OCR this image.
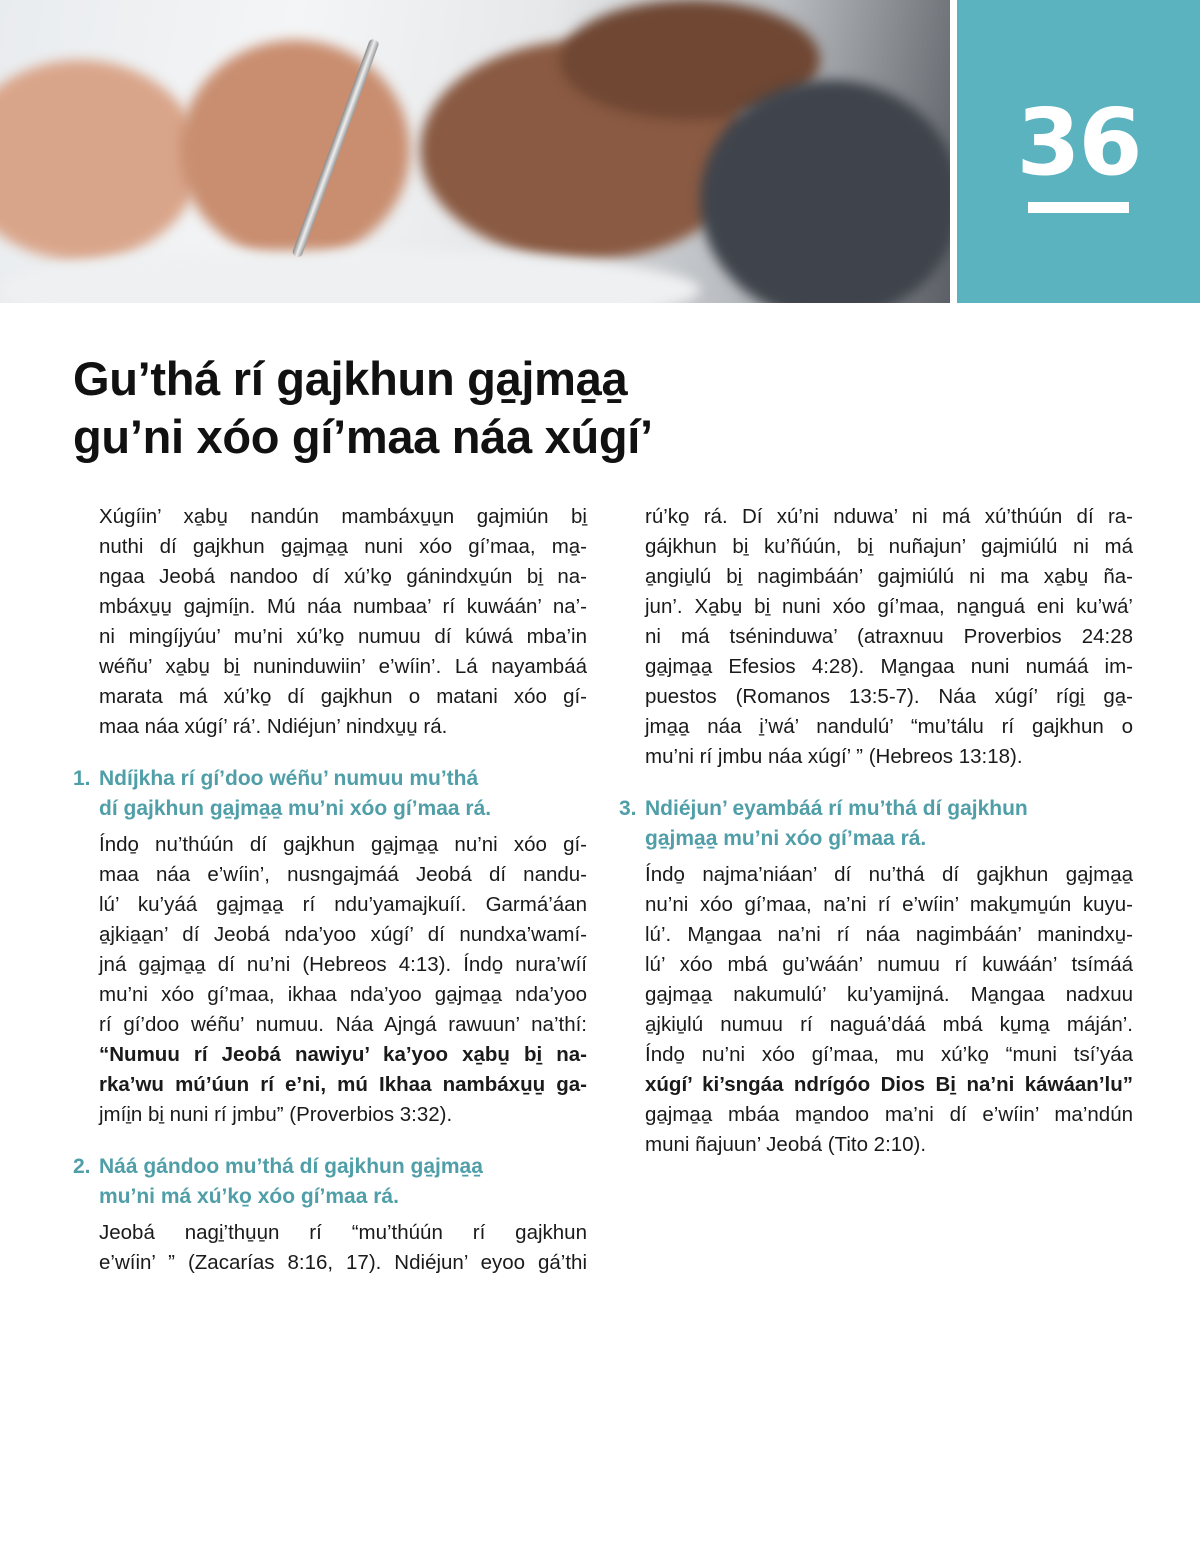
36
Gu’thá rí gajkhun ga̱jma̱a̱
gu’ni xóo gí’maa náa xúgí’
Xúgíin’ xa̱bu̱ nandún mambáxu̱u̱n gajmiún bi̱
nuthi dí gajkhun ga̱jma̱a̱ nuni xóo gí’maa, ma̱-
ngaa Jeobá nandoo dí xú’ko̱ gánindxu̱ún bi̱ na-
mbáxu̱u̱ gajmíi̱n. Mú náa numbaa’ rí kuwáán’ na’-
ni mingíjyúu’ mu’ni xú’ko̱ numuu dí kúwá mba’in
wéñu’ xa̱bu̱ bi̱ nuninduwiin’ e’wíin’. Lá nayambáá
marata má xú’ko̱ dí gajkhun o matani xóo gí-
maa náa xúgí’ rá’. Ndiéjun’ nindxu̱u̱ rá.
1. Ndíjkha rí gí’doo wéñu’ numuu mu’thá
dí gajkhun ga̱jma̱a̱ mu’ni xóo gí’maa rá.
Índo̱ nu’thúún dí gajkhun ga̱jma̱a̱ nu’ni xóo gí-
maa náa e’wíin’, nusngajmáá Jeobá dí nandu-
lú’ ku’yáá ga̱jma̱a̱ rí ndu’yamajkuíí. Garmá’áan
a̱jkia̱a̱n’ dí Jeobá nda’yoo xúgí’ dí nundxa’wamí-
jná ga̱jma̱a̱ dí nu’ni (Hebreos 4:13). Índo̱ nura’wíí
mu’ni xóo gí’maa, ikhaa nda’yoo ga̱jma̱a̱ nda’yoo
rí gí’doo wéñu’ numuu. Náa Ajngá rawuun’ na’thí:
“Numuu rí Jeobá nawiyu’ ka’yoo xa̱bu̱ bi̱ na-
rka’wu mú’úun rí e’ni, mú Ikhaa nambáxu̱u̱ ga-
jmíi̱n bi̱ nuni rí jmbu” (Proverbios 3:32).
2. Náá gándoo mu’thá dí gajkhun ga̱jma̱a̱
mu’ni má xú’ko̱ xóo gí’maa rá.
Jeobá nagi̱’thu̱u̱n rí “mu’thúún rí gajkhun
e’wíin’ ” (Zacarías 8:16, 17). Ndiéjun’ eyoo gá’thi
rú’ko̱ rá. Dí xú’ni nduwa’ ni má xú’thúún dí ra-
gájkhun bi̱ ku’ñúún, bi̱ nuñajun’ gajmiúlú ni má
a̱ngiu̱lú bi̱ nagimbáán’ gajmiúlú ni ma xa̱bu̱ ña-
jun’. Xa̱bu̱ bi̱ nuni xóo gí’maa, na̱nguá eni ku’wá’
ni má tséninduwa’ (atraxnuu Proverbios 24:28
ga̱jma̱a̱ Efesios 4:28). Ma̱ngaa nuni numáá im-
puestos (Romanos 13:5-7). Náa xúgí’ rígi̱ ga̱-
jma̱a̱ náa i̱’wá’ nandulú’ “mu’tálu rí gajkhun o
mu’ni rí jmbu náa xúgí’ ” (Hebreos 13:18).
3. Ndiéjun’ eyambáá rí mu’thá dí gajkhun
ga̱jma̱a̱ mu’ni xóo gí’maa rá.
Índo̱ najma’niáan’ dí nu’thá dí gajkhun ga̱jma̱a̱
nu’ni xóo gí’maa, na’ni rí e’wíin’ maku̱mu̱ún kuyu-
lú’. Ma̱ngaa na’ni rí náa nagimbáán’ manindxu̱-
lú’ xóo mbá gu’wáán’ numuu rí kuwáán’ tsímáá
ga̱jma̱a̱ nakumulú’ ku’yamijná. Ma̱ngaa nadxuu
a̱jkiu̱lú numuu rí naguá’dáá mbá ku̱ma̱ máján’.
Índo̱ nu’ni xóo gí’maa, mu xú’ko̱ “muni tsí’yáa
xúgí’ ki’sngáa ndrígóo Dios Bi̱ na’ni káwáan’lu”
ga̱jma̱a̱ mbáa ma̱ndoo ma’ni dí e’wíin’ ma’ndún
muni ñajuun’ Jeobá (Tito 2:10).
